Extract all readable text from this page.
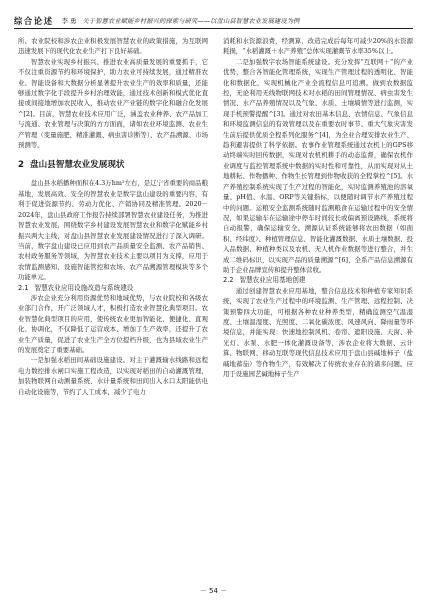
综合论述 李 勇 关于智慧农业赋能乡村振兴的探索与研究——以盘山县智慧农业发展建设为例

所、农业院校和涉农企业积极发展智慧农业的政策措施，为互联网迅速发展下的现代化农业生产打下良好基础。

智慧农业实现乡村振兴、推进农业高质量发展的重要抓手，它不仅注重资源节约和环境保护，助力农业可持续发展，通过精准农业、智能设备和大数据分析显著提升农业生产的效率和质量，还能够通过数字化手段提升乡村治理效能，通过技术创新和模式优化直接或间接地增加农民收入，推动农业产业链的数字化和融合化发展^[2]。目前，智慧农业技术应用广泛，涵盖农业种养、农产品加工与流通、农业管理与决策的方方面面，诸如农业环境监测、农业生产管理（变量施肥、精准灌溉、病虫害诊断等）、农产品溯源、市场预测等。

2 盘山县智慧农业发展现状

盘山县水稻播种面积在4.3万hm²左右，是辽宁省重要的商品粮基地，发展高效、安全的智慧农业是数字盘山建设的重要内容，有利于促进资源节约、劳动力优化、产销协同及精准管理。2020－2024年，盘山县政府工作报告持续部署智慧农业建设任务，为推进智慧农业发展，围绕数字乡村建设发展智慧农业和数字化赋能乡村振兴两大主线，对盘山县智慧农业发展建设情况进行了深入调研。当前，数字盘山建设已应用到农产品质量安全监测、农产品销售、农村政务服务等领域，为智慧农业技术主要以项目为支撑，应用于农情监测感知、设施智能管控和农场、农产品溯源管理模块等多个功能单元。

2.1 智慧农业应用设施改造与系统建设

涉农企业充分利用资源优势和地域优势，与农业院校和各级农业部门合作，开广泛领域人才，积极打造农业智慧化典型项目。农业智慧化典型项目的应用，使传统农业更加智能化、便捷化、直观化、协调化，不仅降低了运营成本、增加了生产效率，还提升了农业生产质量，促进了农业生产全方位提档升级，也为县域农业生产的发展奠定了重要基础。

一是加强水稻田间基础设施建设。对主干灌溉输水线路和远程电力数控排水闸口实施工程改造，以实现对稻田的自动灌溉管理，加装物联网自动测量系统、水计量系统和田间出入水口太阳能供电自动化设施等，节约了人工成本，减少了电力

消耗和水资源浪费，经测算，改造完成后每年可减少20%的水资源耗损，“水稻灌溉＋水产养殖”总体实现灌溉节水率35%以上。

二是加强数字农场智能系统建设。充分发挥“互联网＋”的产业优势，整合各智能化管理系统，实现生产管理过程的透明化、智能化和数据化，实现机械化产业全流程信息可追溯。做到农数据监控，无论利用无线物联网技术对水稻的田间管理情况、病虫害发生情况、水产品养殖情况以及气象、水质、土壤墒情等进行监测，实现手机预警提醒^[3]。通过对农田基本信息、农情信息、气象信息和环境监测信息的有效管理以及在重要农时事节、重大气象灾害发生前后提供优质全程系列化服务^[4]，为全业合理安排农业生产、趋利避害提供了科学依据。农事作业管理系统通过农机上的GPS移动终端实时回传数据，实现对农机机耕手的动态监督，确保农机作业调度与监控管理系统中数据的实时性和可靠性，从而实现对从土地耕耘、作物播种、作物生长管理到作物收获的全程掌控^[5]。水产养殖控制系统实现了生产过程的智能化，实时监测养殖池的溶氧量、pH值、水温、ORP等关键指标，以便随时调节水产养殖过程中的问题。运粮安全监测系统随时监测粮食在运输过程中的安全情况，如果运输车在运输途中停车时间较长或偏离预设路线，系统将自动报警，确保运输安全。溯源认证系统能够将农田数据（如面积、经纬度）、种植管理信息、智能化灌溉数据、水质土壤数据、投入品数据、种植种类以及农机、无人机作业数据等进行整合，并生成二维码标识，以实现产品的质量溯源^[6]，全系产品信息溯源有助于企业品牌宣传和提升整体营收。

2.2 智慧农业应用基地创建

通过创建智慧农业应用基地，整合信息技术和种植专家知识系统，实现了农业生产过程中的环境监测、生产管理、远程控制、决策预警四大功能，可根据各种农业种养类型，精确监测空气温湿度、土壤温湿度、光照度、二氧化碳浓度、风速风向、降雨量等环境信息，并能实现：快速地控制风机、卷帘、遮阳设施、天窗、补光灯、水泵、水肥一体化灌溉设备等，涉农企业将大数据、云计算、物联网、移动互联等现代信息技术应用于盘山县碱地柿子（盐碱地蓄茄）等作物生产，有效解决了传统农业存在的诸多问题。应用于设施园艺碱地柿子生产

－ 54 －
